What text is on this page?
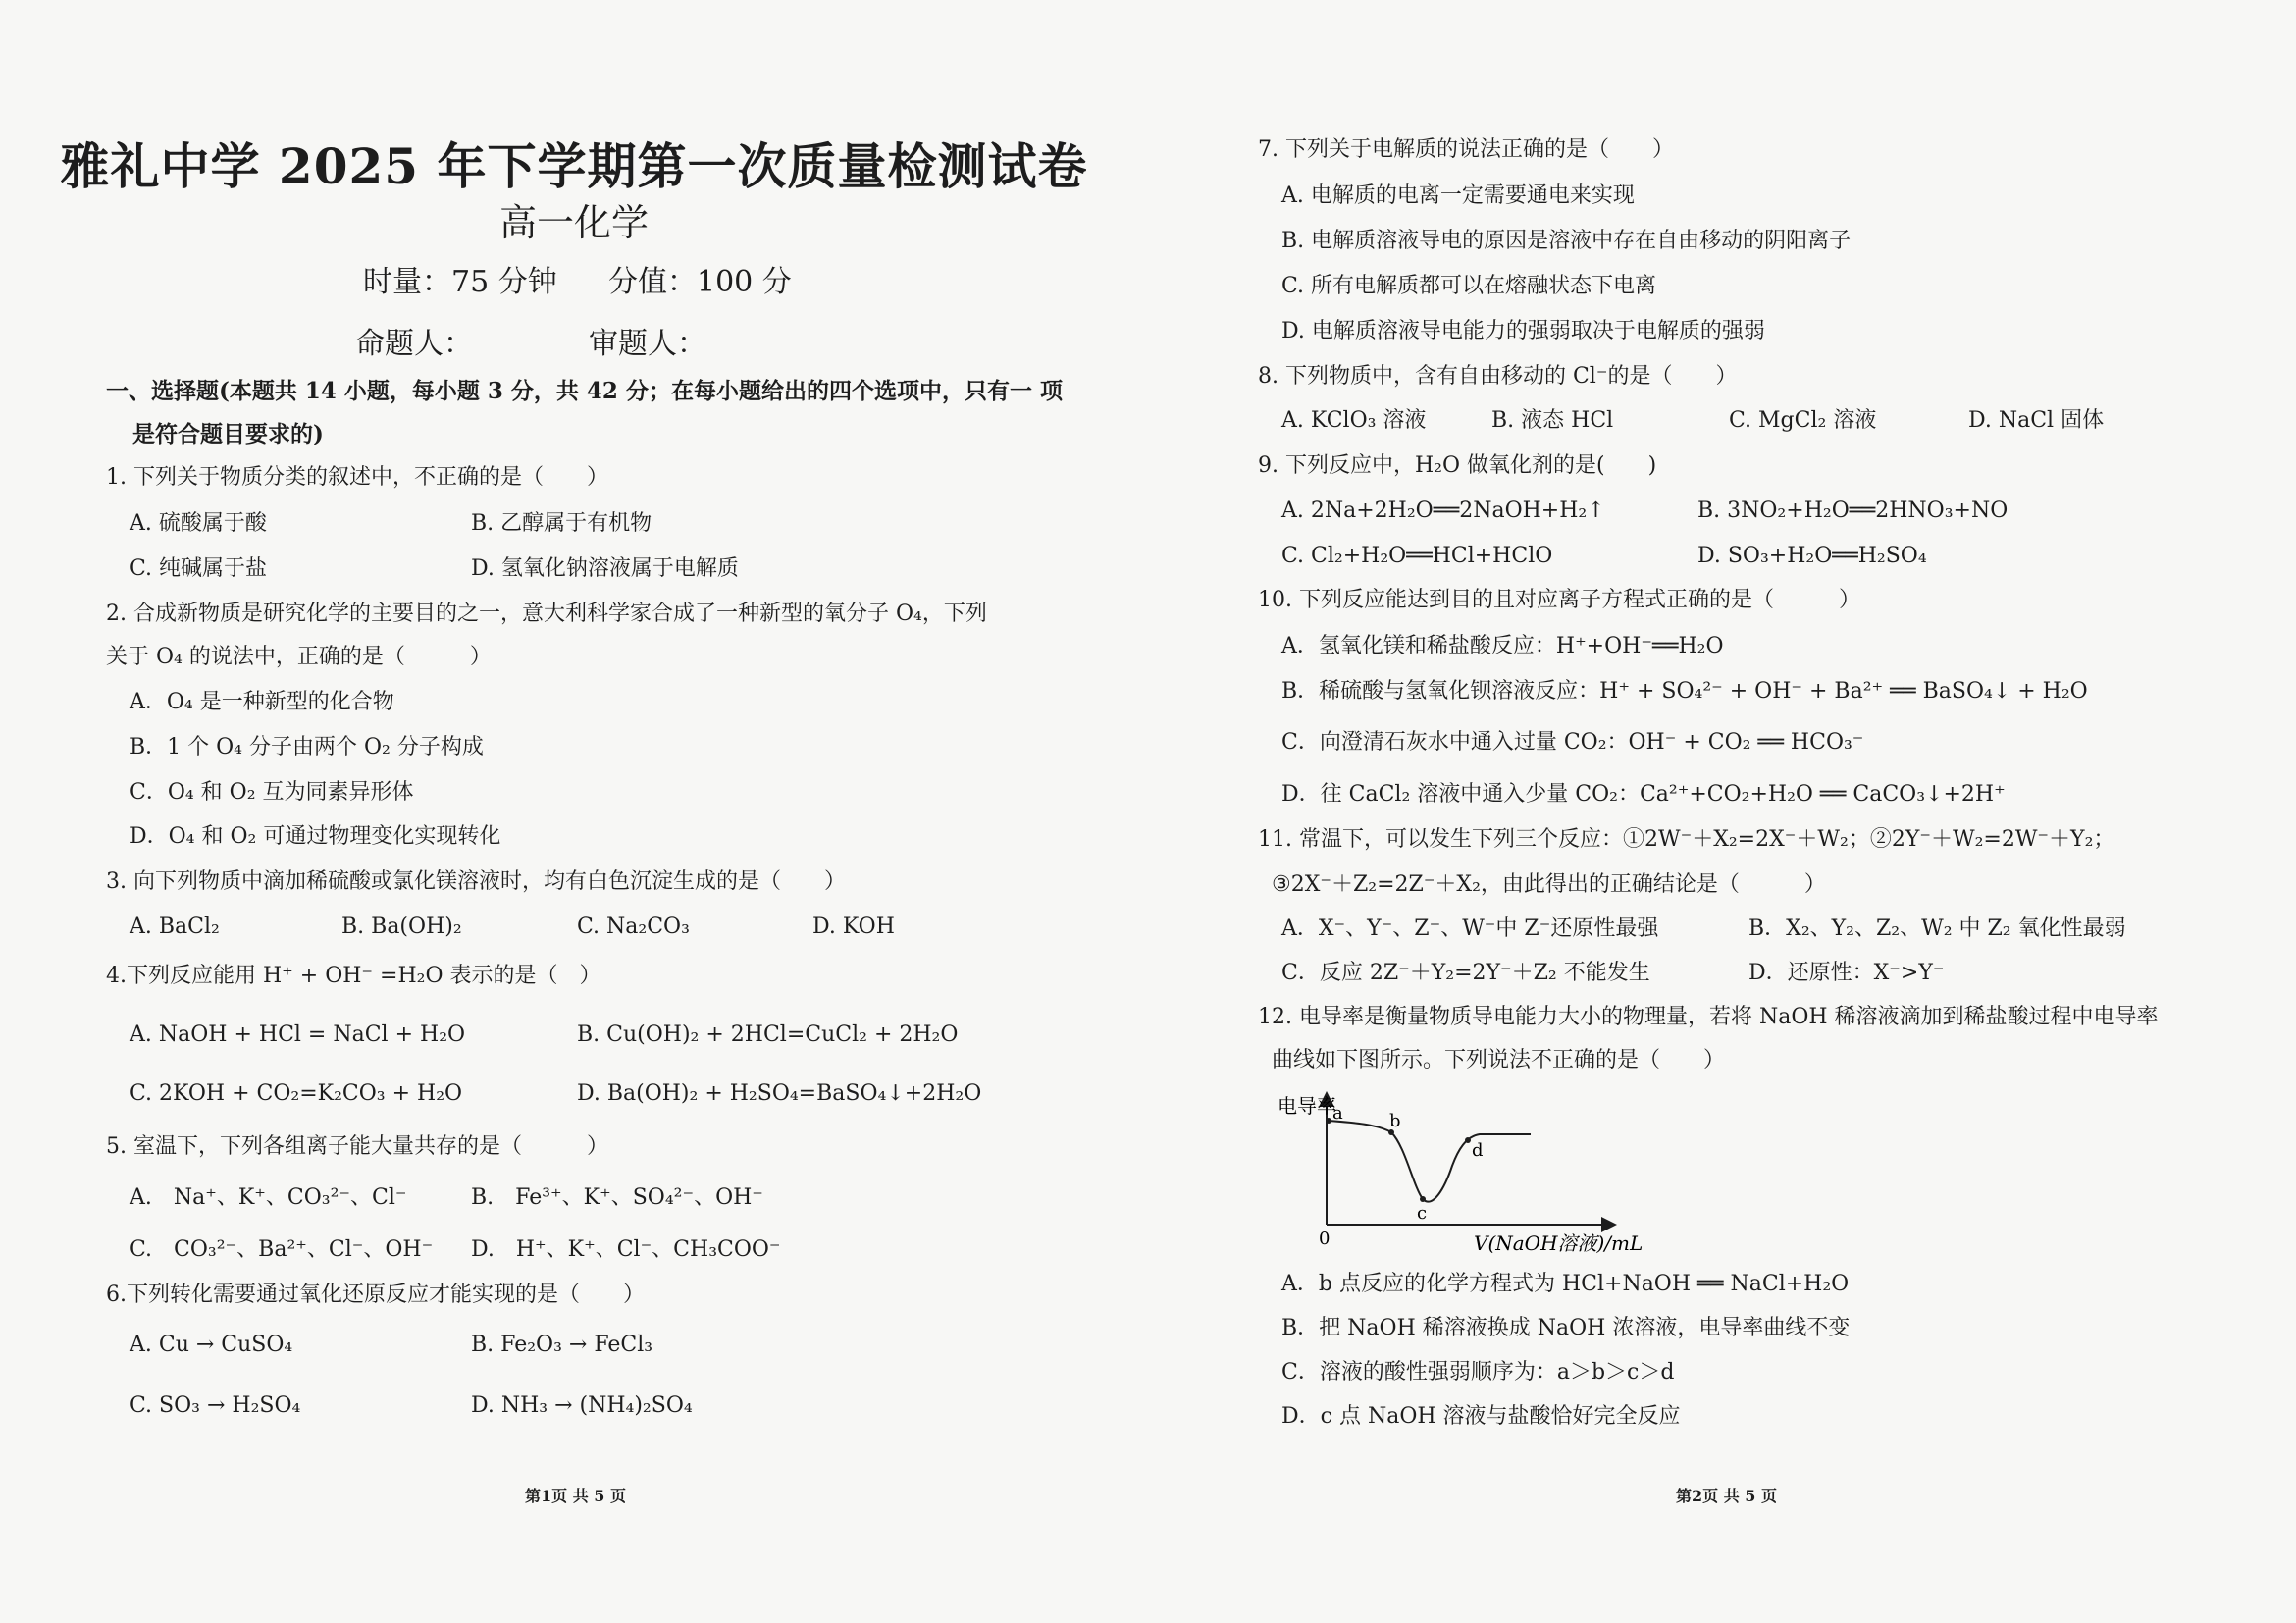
雅礼中学 2025 年下学期第一次质量检测试卷
高一化学
时量：75 分钟 分值：100 分
命题人：	审题人：
一、选择题(本题共 14 小题，每小题 3 分，共 42 分；在每小题给出的四个选项中，只有一 项
是符合题目要求的)
1. 下列关于物质分类的叙述中，不正确的是（　　）
A. 硫酸属于酸	B. 乙醇属于有机物
C. 纯碱属于盐	D. 氢氧化钠溶液属于电解质
2. 合成新物质是研究化学的主要目的之一，意大利科学家合成了一种新型的氧分子 O₄，下列
关于 O₄ 的说法中，正确的是（　　　）
A．O₄ 是一种新型的化合物
B．1 个 O₄ 分子由两个 O₂ 分子构成
C．O₄ 和 O₂ 互为同素异形体
D．O₄ 和 O₂ 可通过物理变化实现转化
3. 向下列物质中滴加稀硫酸或氯化镁溶液时，均有白色沉淀生成的是（　　）
A. BaCl₂	B. Ba(OH)₂	C. Na₂CO₃	D. KOH
4.下列反应能用 H⁺ + OH⁻ =H₂O 表示的是（　）
A. NaOH + HCl = NaCl + H₂O	B. Cu(OH)₂ + 2HCl=CuCl₂ + 2H₂O
C. 2KOH + CO₂=K₂CO₃ + H₂O	D. Ba(OH)₂ + H₂SO₄=BaSO₄↓+2H₂O
5. 室温下，下列各组离子能大量共存的是（　　　）
A.　Na⁺、K⁺、CO₃²⁻、Cl⁻	B.　Fe³⁺、K⁺、SO₄²⁻、OH⁻
C.　CO₃²⁻、Ba²⁺、Cl⁻、OH⁻ D.　H⁺、K⁺、Cl⁻、CH₃COO⁻
6.下列转化需要通过氧化还原反应才能实现的是（　　）
A. Cu → CuSO₄	B. Fe₂O₃ → FeCl₃
C. SO₃ → H₂SO₄	D. NH₃ → (NH₄)₂SO₄
第1页 共 5 页
7. 下列关于电解质的说法正确的是（　　）
A. 电解质的电离一定需要通电来实现
B. 电解质溶液导电的原因是溶液中存在自由移动的阴阳离子
C. 所有电解质都可以在熔融状态下电离
D. 电解质溶液导电能力的强弱取决于电解质的强弱
8. 下列物质中，含有自由移动的 Cl⁻的是（　　）
A. KClO₃ 溶液	B. 液态 HCl	C. MgCl₂ 溶液	D. NaCl 固体
9. 下列反应中，H₂O 做氧化剂的是(　　)
A. 2Na+2H₂O══2NaOH+H₂↑	B. 3NO₂+H₂O══2HNO₃+NO
C. Cl₂+H₂O══HCl+HClO	D. SO₃+H₂O══H₂SO₄
10. 下列反应能达到目的且对应离子方程式正确的是（　　　）
A．氢氧化镁和稀盐酸反应：H⁺+OH⁻══H₂O
B．稀硫酸与氢氧化钡溶液反应：H⁺ + SO₄²⁻ + OH⁻ + Ba²⁺ ══ BaSO₄↓ + H₂O
C．向澄清石灰水中通入过量 CO₂：OH⁻ + CO₂ ══ HCO₃⁻
D．往 CaCl₂ 溶液中通入少量 CO₂：Ca²⁺+CO₂+H₂O ══ CaCO₃↓+2H⁺
11. 常温下，可以发生下列三个反应：①2W⁻＋X₂=2X⁻＋W₂；②2Y⁻＋W₂=2W⁻＋Y₂；
③2X⁻＋Z₂=2Z⁻＋X₂，由此得出的正确结论是（　　　）
A．X⁻、Y⁻、Z⁻、W⁻中 Z⁻还原性最强	B．X₂、Y₂、Z₂、W₂ 中 Z₂ 氧化性最弱
C．反应 2Z⁻＋Y₂=2Y⁻＋Z₂ 不能发生	D．还原性：X⁻>Y⁻
12. 电导率是衡量物质导电能力大小的物理量，若将 NaOH 稀溶液滴加到稀盐酸过程中电导率
曲线如下图所示。下列说法不正确的是（　　）
电导率
0
a	b
c
d
V(NaOH溶液)/mL
A．b 点反应的化学方程式为 HCl+NaOH ══ NaCl+H₂O
B．把 NaOH 稀溶液换成 NaOH 浓溶液，电导率曲线不变
C．溶液的酸性强弱顺序为：a＞b＞c＞d
D．c 点 NaOH 溶液与盐酸恰好完全反应
第2页 共 5 页
